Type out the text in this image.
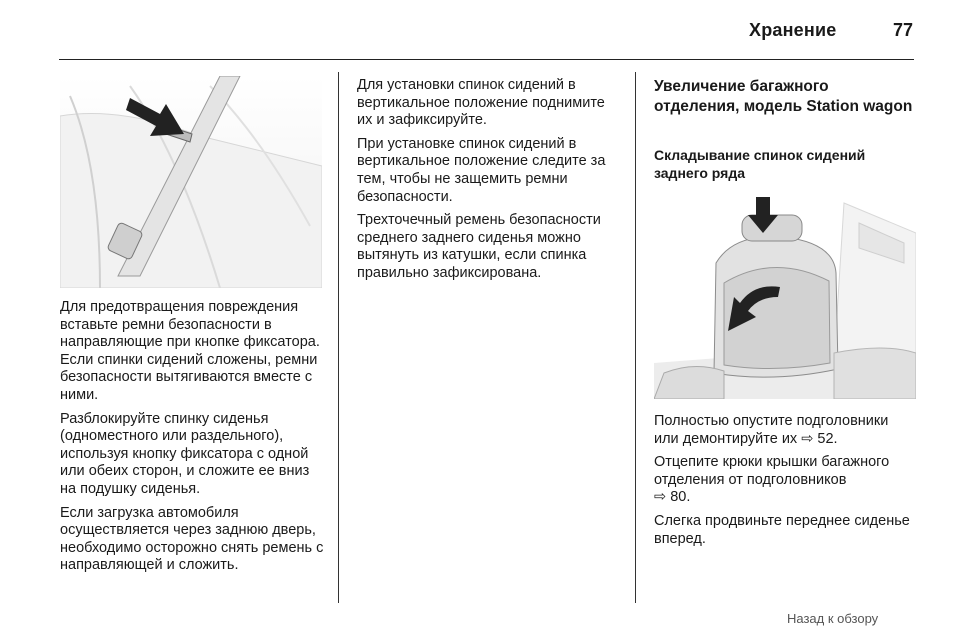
Хранение	77

Для предотвращения повреждения вставьте ремни безопасности в направляющие при кнопке фиксатора. Если спинки сидений сложены, ремни безопасности вытягиваются вместе с ними.

Разблокируйте спинку сиденья (одноместного или раздельного), используя кнопку фиксатора с одной или обеих сторон, и сложите ее вниз на подушку сиденья.

Если загрузка автомобиля осуществляется через заднюю дверь, необходимо осторожно снять ремень с направляющей и сложить.

Для установки спинок сидений в вертикальное положение поднимите их и зафиксируйте.

При установке спинок сидений в вертикальное положение следите за тем, чтобы не защемить ремни безопасности.

Трехточечный ремень безопасности среднего заднего сиденья можно вытянуть из катушки, если спинка правильно зафиксирована.

Увеличение багажного отделения, модель Station wagon
Складывание спинок сидений заднего ряда

Полностью опустите подголовники или демонтируйте их ⇨ 52.

Отцепите крюки крышки багажного отделения от подголовников
⇨ 80.

Слегка продвиньте переднее сиденье вперед.

Назад к обзору
